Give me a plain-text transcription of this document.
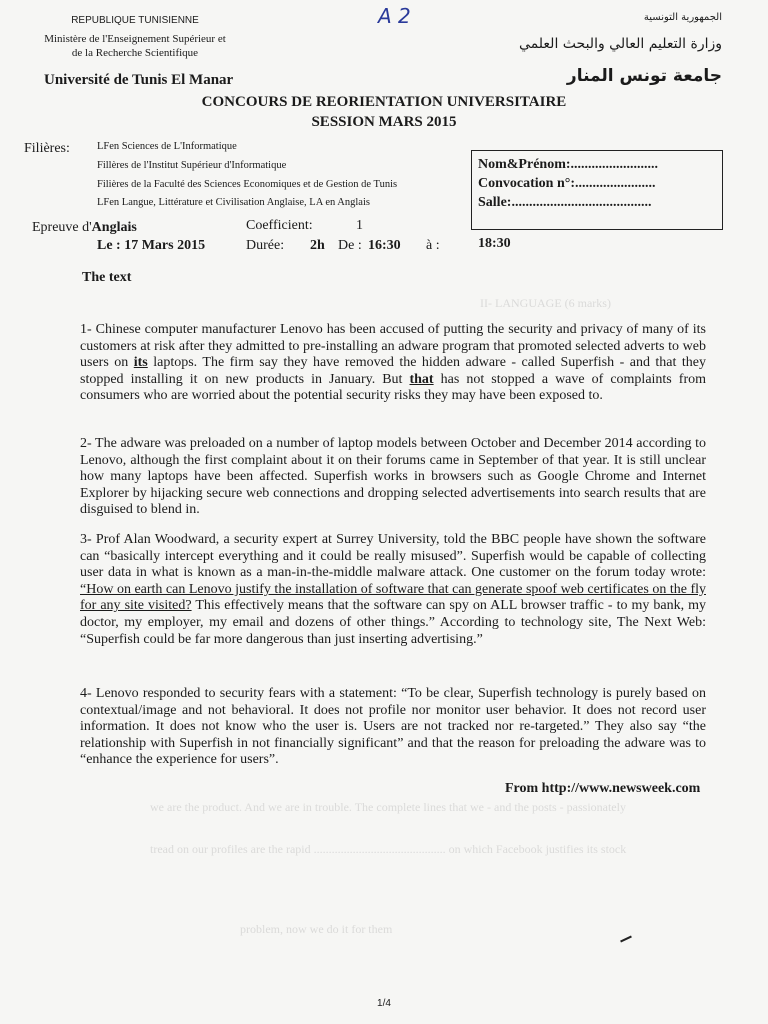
II- LANGUAGE (6 marks)
we are the product. And we are in trouble. The complete lines that we - and the posts - passionately
tread on our profiles are the rapid ............................................ on which Facebook justifies its stock
problem, now we do it for them
REPUBLIQUE TUNISIENNE
Ministère de l'Enseignement Supérieur et
de la Recherche Scientifique
Université de Tunis El Manar
A 2	الجمهورية التونسية
وزارة التعليم العالي والبحث العلمي
جامعة تونس المنار
CONCOURS DE REORIENTATION UNIVERSITAIRE
SESSION MARS 2015
Filières:	LFen Sciences de L'Informatique
Fillères de l'Institut Supérieur d'Informatique
Filières de la Faculté des Sciences Economiques et de Gestion de Tunis
LFen Langue, Littérature et Civilisation Anglaise, LA en Anglais
Nom&Prénom:.........................
Convocation n°:.......................
Salle:........................................
Epreuve d'Anglais	Coefficient:	1
Le : 17 Mars 2015	Durée: 2h De : 16:30 à :	18:30
The text
1- Chinese computer manufacturer Lenovo has been accused of putting the security and privacy of many of its customers at risk after they admitted to pre-installing an adware program that promoted selected adverts to web users on its laptops. The firm say they have removed the hidden adware - called Superfish - and that they stopped installing it on new products in January. But that has not stopped a wave of complaints from consumers who are worried about the potential security risks they may have been exposed to.
2- The adware was preloaded on a number of laptop models between October and December 2014 according to Lenovo, although the first complaint about it on their forums came in September of that year. It is still unclear how many laptops have been affected. Superfish works in browsers such as Google Chrome and Internet Explorer by hijacking secure web connections and dropping selected advertisements into search results that are disguised to blend in.
3- Prof Alan Woodward, a security expert at Surrey University, told the BBC people have shown the software can “basically intercept everything and it could be really misused”. Superfish would be capable of collecting user data in what is known as a man-in-the-middle malware attack. One customer on the forum today wrote: “How on earth can Lenovo justify the installation of software that can generate spoof web certificates on the fly for any site visited? This effectively means that the software can spy on ALL browser traffic - to my bank, my doctor, my employer, my email and dozens of other things.” According to technology site, The Next Web: “Superfish could be far more dangerous than just inserting advertising.”
4- Lenovo responded to security fears with a statement: “To be clear, Superfish technology is purely based on contextual/image and not behavioral. It does not profile nor monitor user behavior. It does not record user information. It does not know who the user is. Users are not tracked nor re-targeted.” They also say “the relationship with Superfish in not financially significant” and that the reason for preloading the adware was to “enhance the experience for users”.
From http://www.newsweek.com
1/4
